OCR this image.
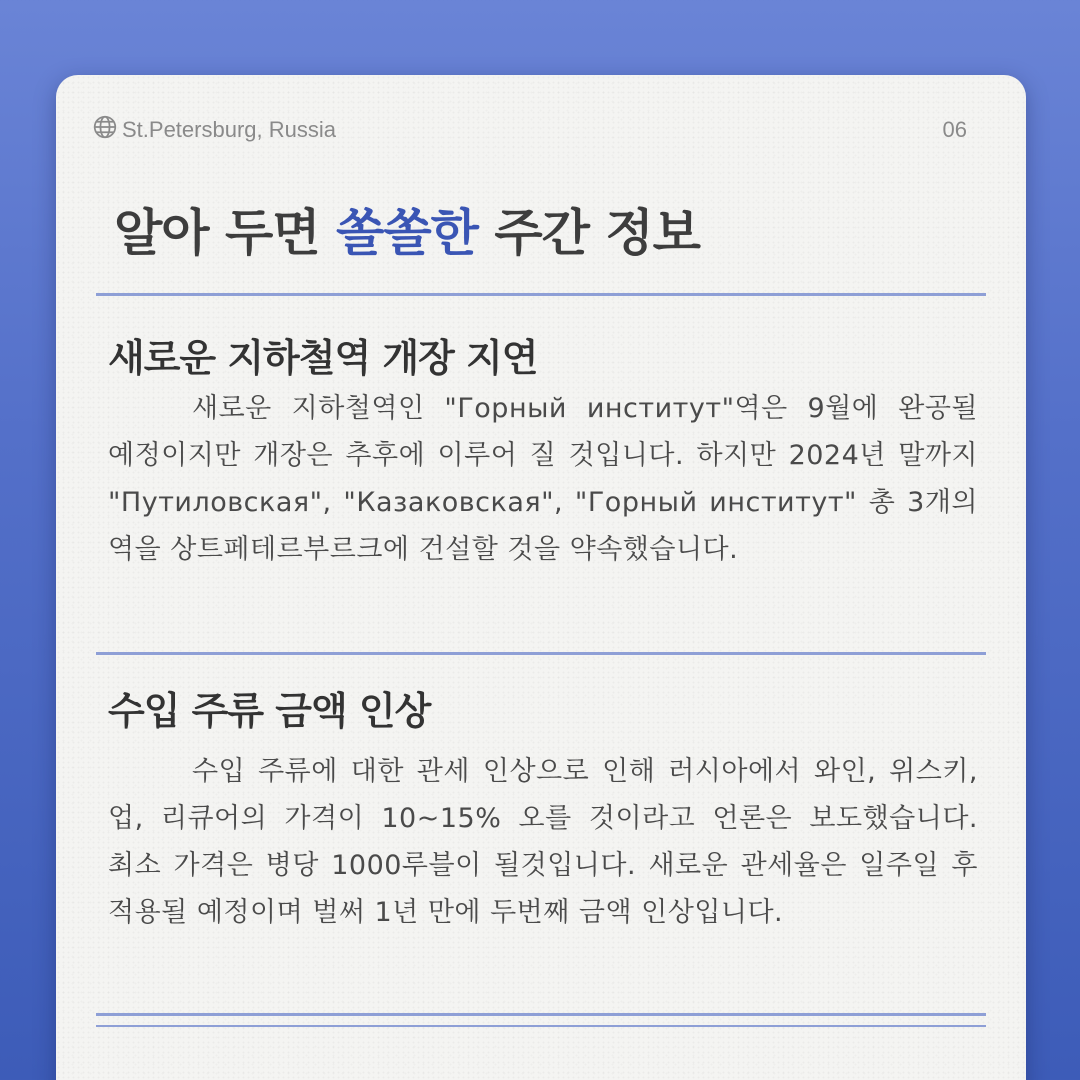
St.Petersburg, Russia	06
알아 두면 쏠쏠한 주간 정보
새로운 지하철역 개장 지연

새로운 지하철역인 "Горный институт"역은 9월에 완공될 예정이지만 개장은 추후에 이루어 질 것입니다. 하지만 2024년 말까지 "Путиловская", "Казаковская", "Горный институт" 총 3개의 역을 상트페테르부르크에 건설할 것을 약속했습니다.

수입 주류 금액 인상

수입 주류에 대한 관세 인상으로 인해 러시아에서 와인, 위스키, 업, 리큐어의 가격이 10~15% 오를 것이라고 언론은 보도했습니다. 최소 가격은 병당 1000루블이 될것입니다. 새로운 관세율은 일주일 후 적용될 예정이며 벌써 1년 만에 두번째 금액 인상입니다.
